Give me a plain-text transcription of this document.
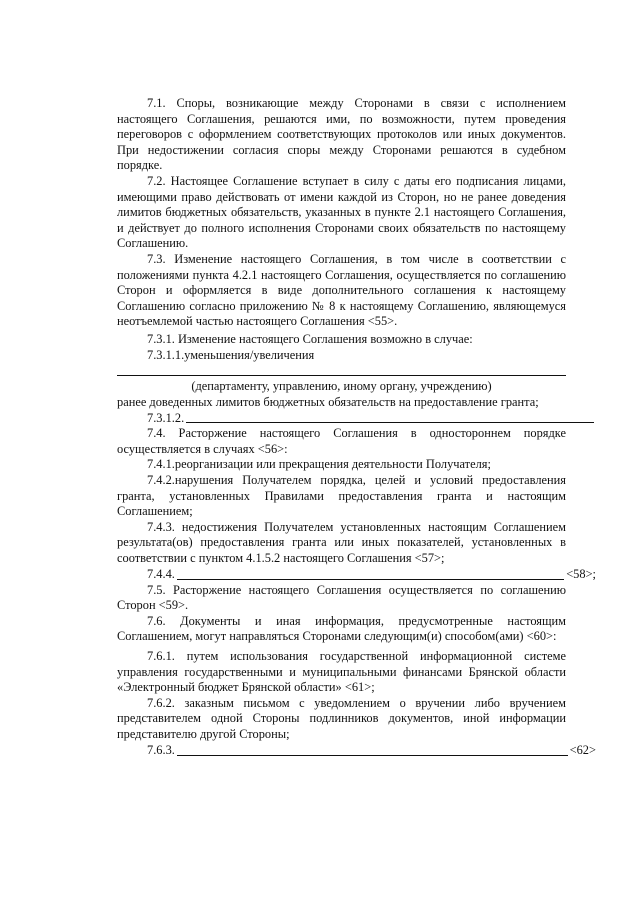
7.1. Споры, возникающие между Сторонами в связи с исполнением настоящего Соглашения, решаются ими, по возможности, путем проведения переговоров с оформлением соответствующих протоколов или иных документов. При недостижении согласия споры между Сторонами решаются в судебном порядке.

7.2. Настоящее Соглашение вступает в силу с даты его подписания лицами, имеющими право действовать от имени каждой из Сторон, но не ранее доведения лимитов бюджетных обязательств, указанных в пункте 2.1 настоящего Соглашения, и действует до полного исполнения Сторонами своих обязательств по настоящему Соглашению.

7.3. Изменение настоящего Соглашения, в том числе в соответствии с положениями пункта 4.2.1 настоящего Соглашения, осуществляется по соглашению Сторон и оформляется в виде дополнительного соглашения к настоящему Соглашению согласно приложению № 8 к настоящему Соглашению, являющемуся неотъемлемой частью настоящего Соглашения <55>.

7.3.1. Изменение настоящего Соглашения возможно в случае:

7.3.1.1.уменьшения/увеличения

(департаменту, управлению, иному органу, учреждению)

ранее доведенных лимитов бюджетных обязательств на предоставление гранта;

7.3.1.2.

7.4. Расторжение настоящего Соглашения в одностороннем порядке осуществляется в случаях <56>:

7.4.1.реорганизации или прекращения деятельности Получателя;

7.4.2.нарушения Получателем порядка, целей и условий предоставления гранта, установленных Правилами предоставления гранта и настоящим Соглашением;

7.4.3. недостижения Получателем установленных настоящим Соглашением результата(ов) предоставления гранта или иных показателей, установленных в соответствии с пунктом 4.1.5.2 настоящего Соглашения <57>;

7.4.4.	<58>;

7.5. Расторжение настоящего Соглашения осуществляется по соглашению Сторон <59>.

7.6. Документы и иная информация, предусмотренные настоящим Соглашением, могут направляться Сторонами следующим(и) способом(ами) <60>:

7.6.1. путем использования государственной информационной системе управления государственными и муниципальными финансами Брянской области «Электронный бюджет Брянской области» <61>;

7.6.2. заказным письмом с уведомлением о вручении либо вручением представителем одной Стороны подлинников документов, иной информации представителю другой Стороны;

7.6.3.	<62>
